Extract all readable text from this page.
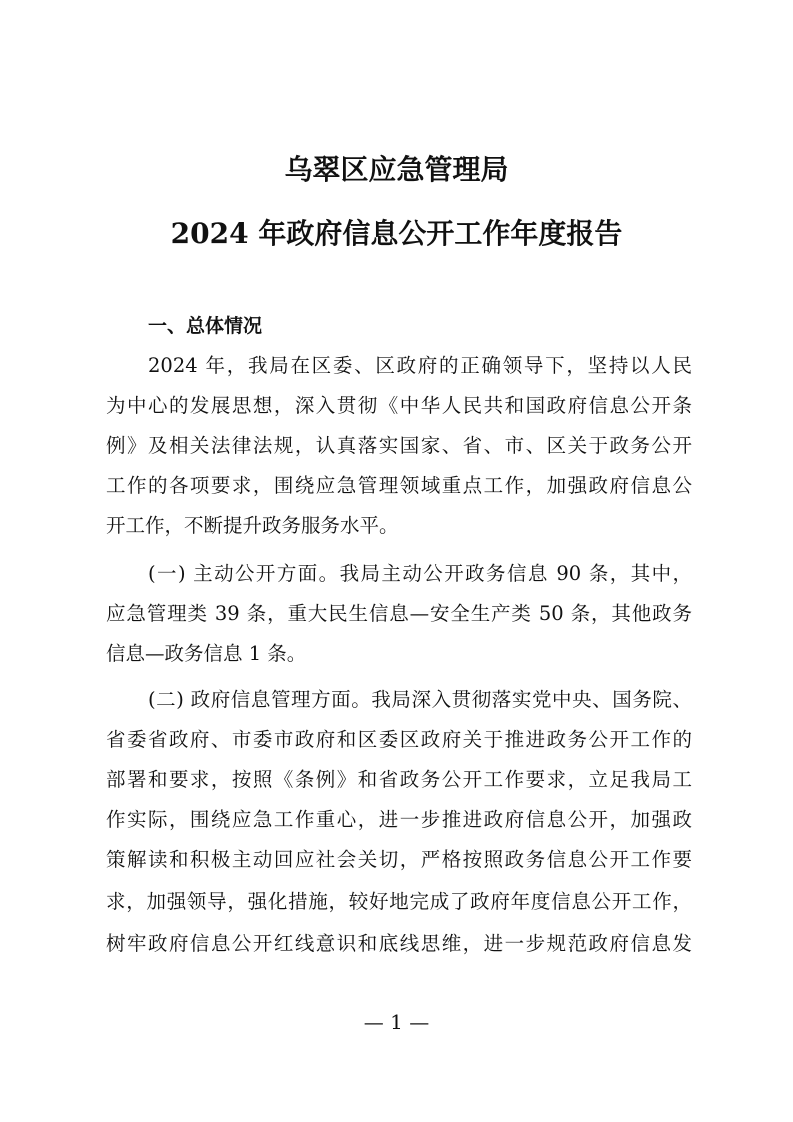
乌翠区应急管理局
2024 年政府信息公开工作年度报告
一、总体情况
2024 年，我局在区委、区政府的正确领导下，坚持以人民
为中心的发展思想，深入贯彻《中华人民共和国政府信息公开条
例》及相关法律法规，认真落实国家、省、市、区关于政务公开
工作的各项要求，围绕应急管理领域重点工作，加强政府信息公
开工作，不断提升政务服务水平。
(一) 主动公开方面。我局主动公开政务信息 90 条，其中，
应急管理类 39 条，重大民生信息—安全生产类 50 条，其他政务
信息—政务信息 1 条。
(二) 政府信息管理方面。我局深入贯彻落实党中央、国务院、
省委省政府、市委市政府和区委区政府关于推进政务公开工作的
部署和要求，按照《条例》和省政务公开工作要求，立足我局工
作实际，围绕应急工作重心，进一步推进政府信息公开，加强政
策解读和积极主动回应社会关切，严格按照政务信息公开工作要
求，加强领导，强化措施，较好地完成了政府年度信息公开工作，
树牢政府信息公开红线意识和底线思维，进一步规范政府信息发
— 1 —
